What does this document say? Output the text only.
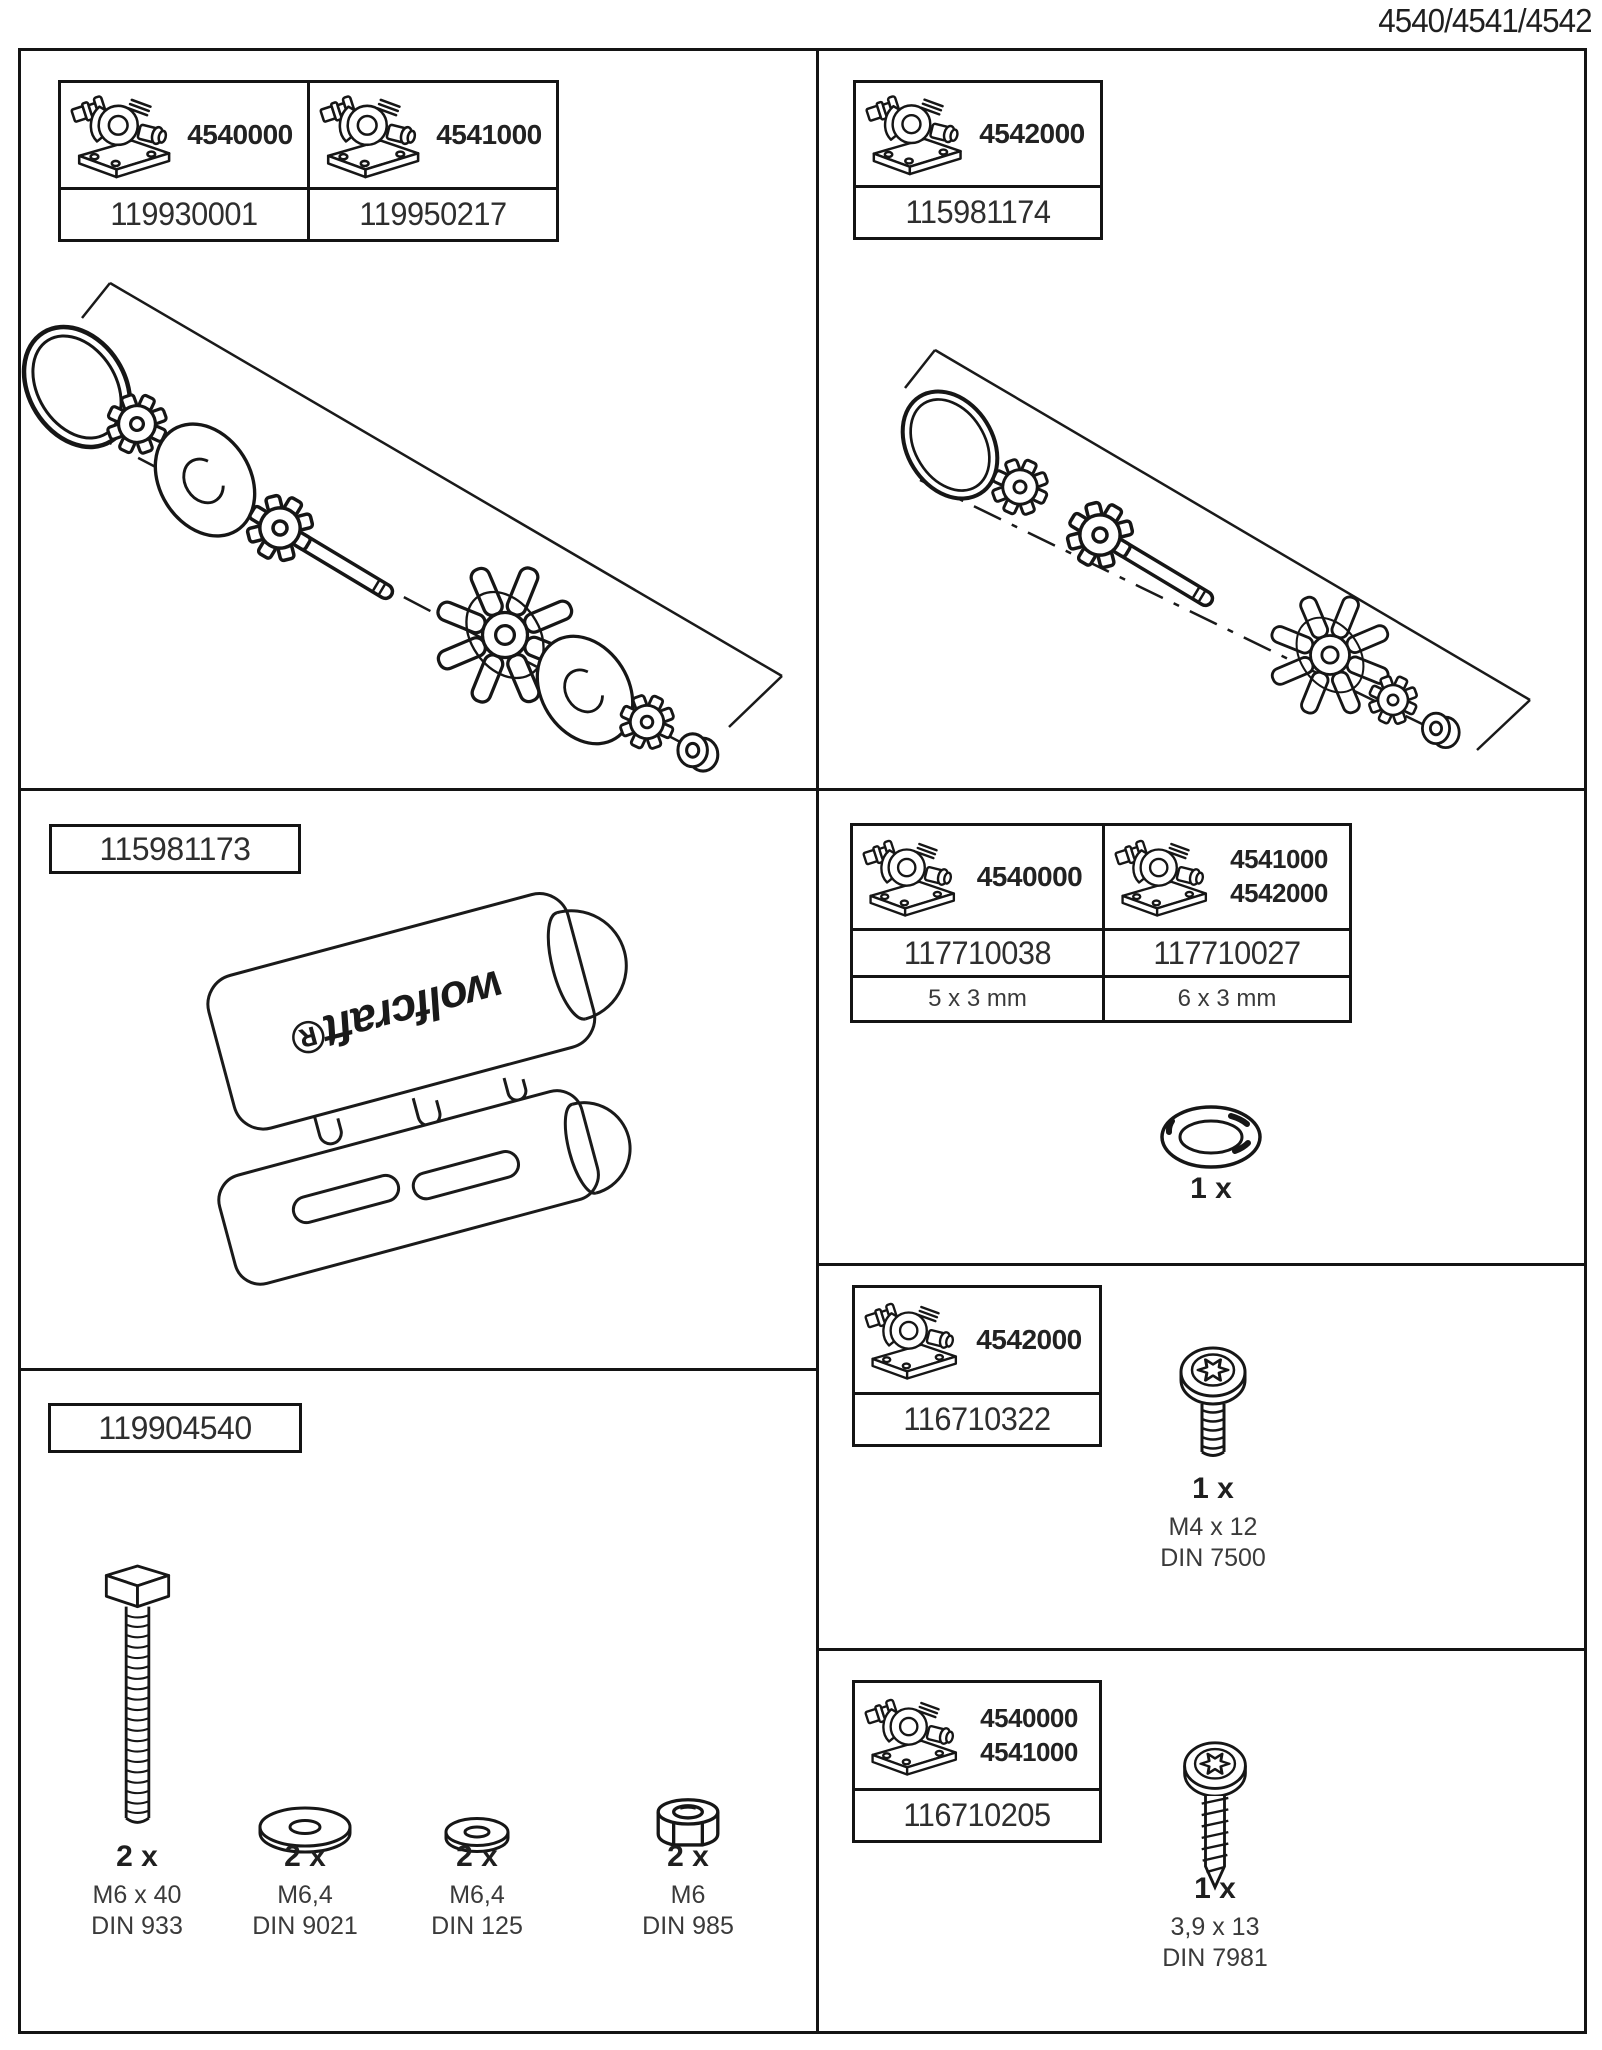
4540/4541/4542
4540000
119930001
4541000
119950217
4542000
115981174
115981173
wolfcraft®
4540000
117710038
5 x 3 mm
4541000
4542000
117710027
6 x 3 mm
1 x
4542000
116710322
1 x
M4 x 12
DIN 7500
119904540
2 x
M6 x 40
DIN 933
2 x
M6,4
DIN 9021
2 x
M6,4
DIN 125
2 x
M6
DIN 985
4540000
4541000
116710205
1 x
3,9 x 13
DIN 7981
